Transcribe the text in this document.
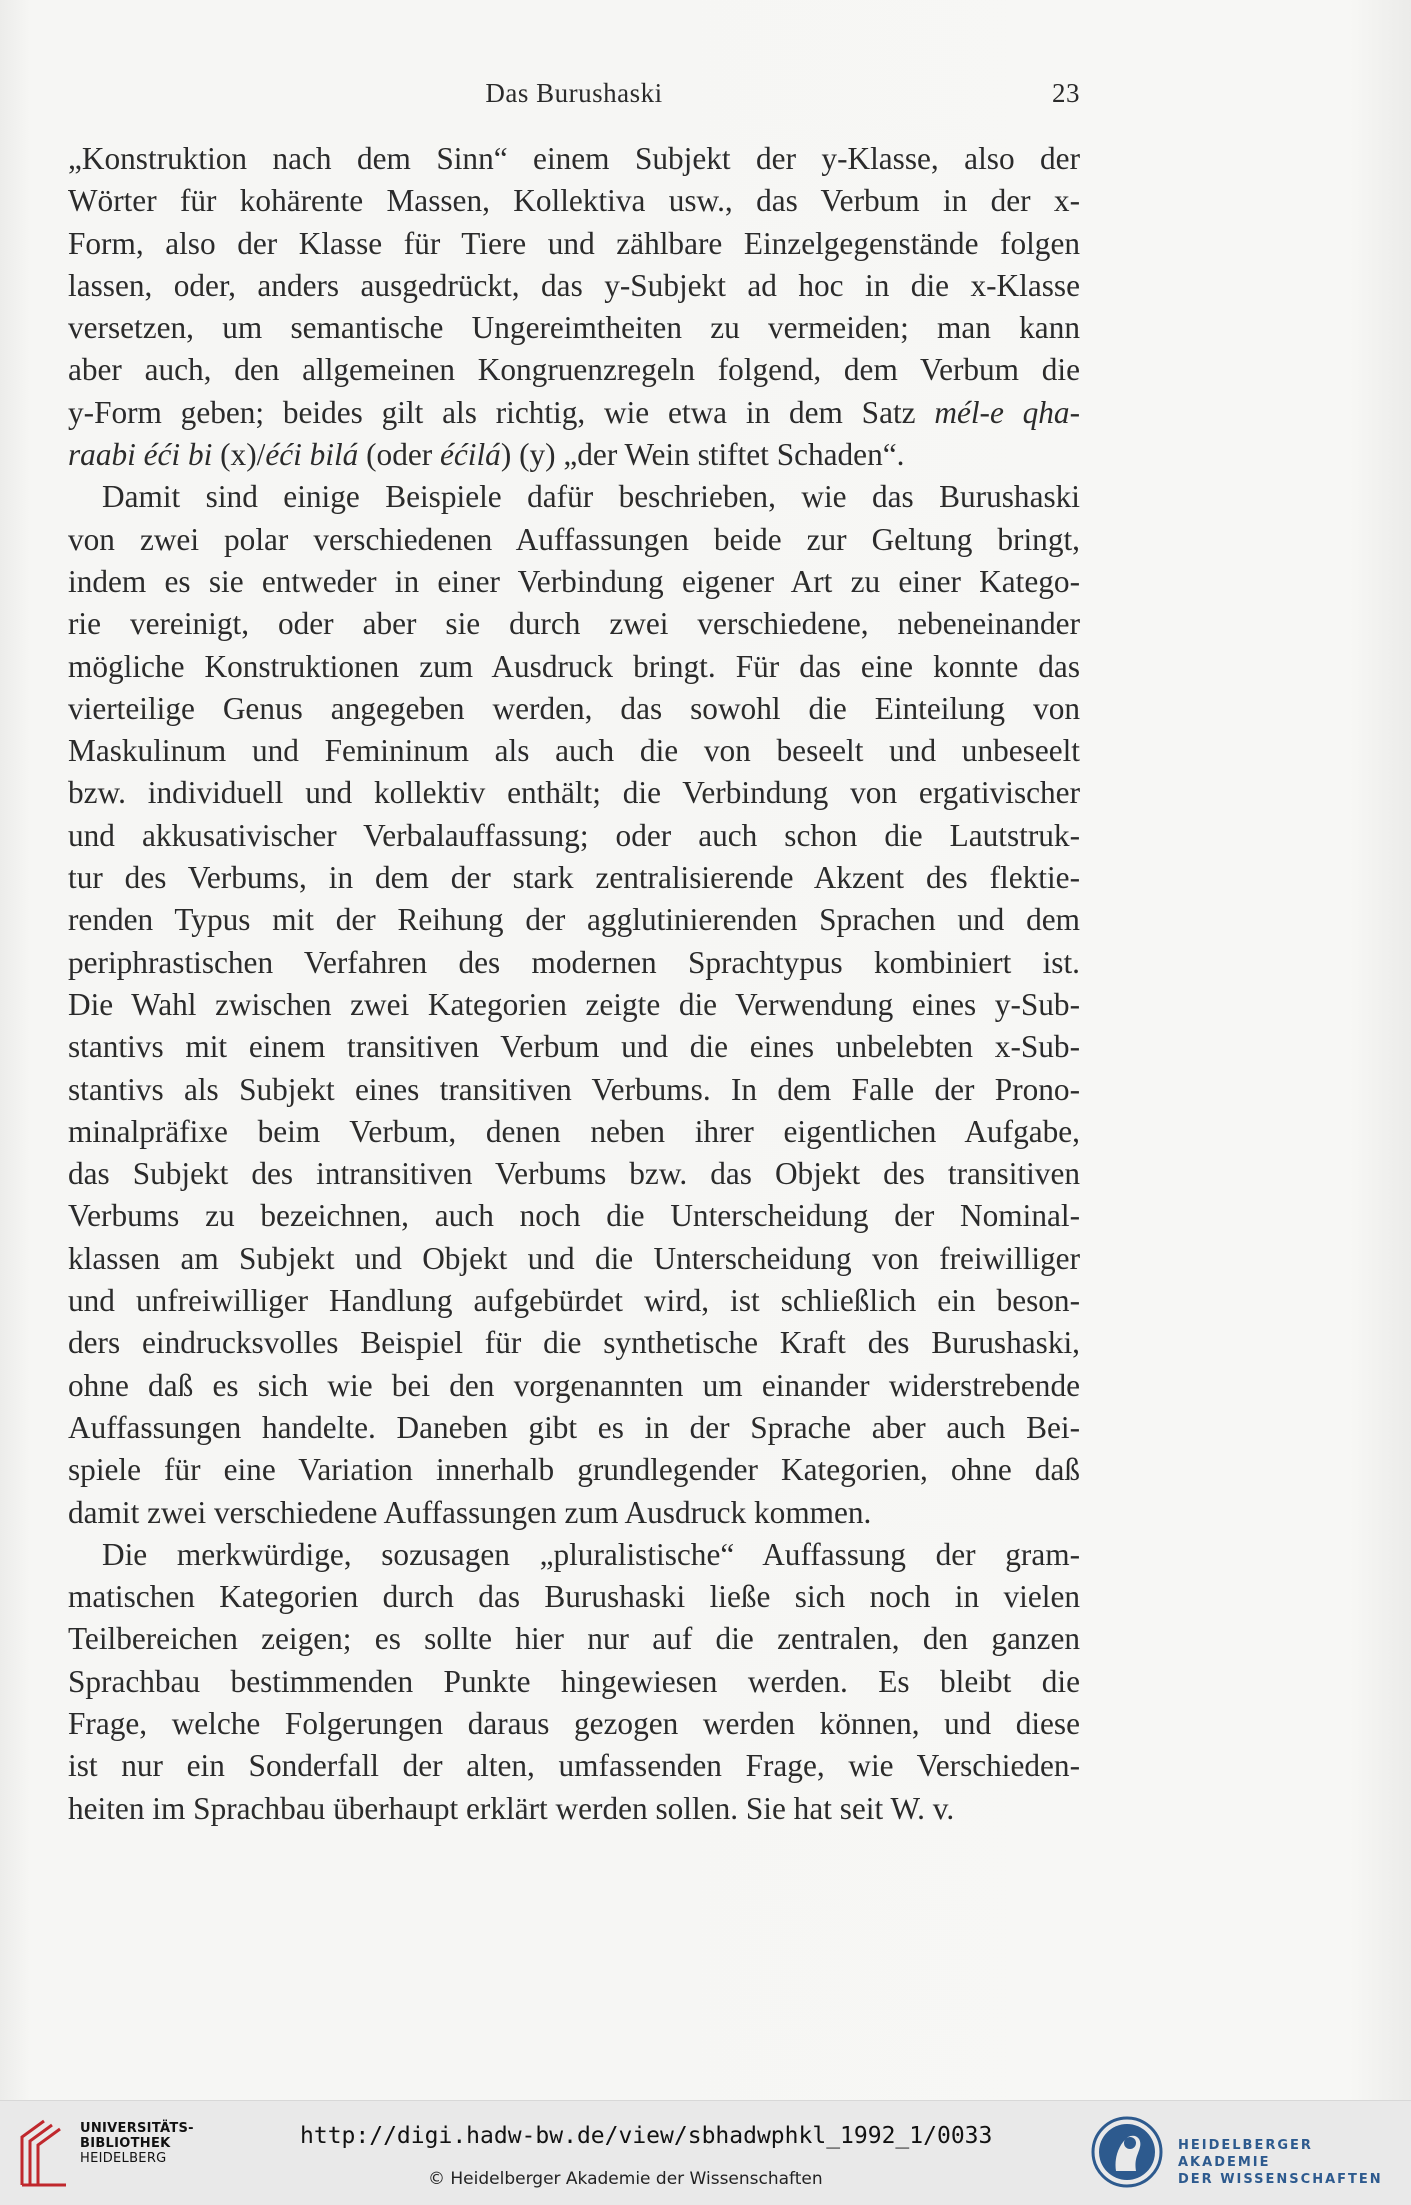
Das Burushaski	23

„Konstruktion nach dem Sinn“ einem Subjekt der y-Klasse, also der
Wörter für kohärente Massen, Kollektiva usw., das Verbum in der x-
Form, also der Klasse für Tiere und zählbare Einzelgegenstände folgen
lassen, oder, anders ausgedrückt, das y-Subjekt ad hoc in die x-Klasse
versetzen, um semantische Ungereimtheiten zu vermeiden; man kann
aber auch, den allgemeinen Kongruenzregeln folgend, dem Verbum die
y-Form geben; beides gilt als richtig, wie etwa in dem Satz mél-e qha-
raabi éći bi (x)/éći bilá (oder éćilá) (y) „der Wein stiftet Schaden“.

Damit sind einige Beispiele dafür beschrieben, wie das Burushaski
von zwei polar verschiedenen Auffassungen beide zur Geltung bringt,
indem es sie entweder in einer Verbindung eigener Art zu einer Katego-
rie vereinigt, oder aber sie durch zwei verschiedene, nebeneinander
mögliche Konstruktionen zum Ausdruck bringt. Für das eine konnte das
vierteilige Genus angegeben werden, das sowohl die Einteilung von
Maskulinum und Femininum als auch die von beseelt und unbeseelt
bzw. individuell und kollektiv enthält; die Verbindung von ergativischer
und akkusativischer Verbalauffassung; oder auch schon die Lautstruk-
tur des Verbums, in dem der stark zentralisierende Akzent des flektie-
renden Typus mit der Reihung der agglutinierenden Sprachen und dem
periphrastischen Verfahren des modernen Sprachtypus kombiniert ist.
Die Wahl zwischen zwei Kategorien zeigte die Verwendung eines y-Sub-
stantivs mit einem transitiven Verbum und die eines unbelebten x-Sub-
stantivs als Subjekt eines transitiven Verbums. In dem Falle der Prono-
minalpräfixe beim Verbum, denen neben ihrer eigentlichen Aufgabe,
das Subjekt des intransitiven Verbums bzw. das Objekt des transitiven
Verbums zu bezeichnen, auch noch die Unterscheidung der Nominal-
klassen am Subjekt und Objekt und die Unterscheidung von freiwilliger
und unfreiwilliger Handlung aufgebürdet wird, ist schließlich ein beson-
ders eindrucksvolles Beispiel für die synthetische Kraft des Burushaski,
ohne daß es sich wie bei den vorgenannten um einander widerstrebende
Auffassungen handelte. Daneben gibt es in der Sprache aber auch Bei-
spiele für eine Variation innerhalb grundlegender Kategorien, ohne daß
damit zwei verschiedene Auffassungen zum Ausdruck kommen.

Die merkwürdige, sozusagen „pluralistische“ Auffassung der gram-
matischen Kategorien durch das Burushaski ließe sich noch in vielen
Teilbereichen zeigen; es sollte hier nur auf die zentralen, den ganzen
Sprachbau bestimmenden Punkte hingewiesen werden. Es bleibt die
Frage, welche Folgerungen daraus gezogen werden können, und diese
ist nur ein Sonderfall der alten, umfassenden Frage, wie Verschieden-
heiten im Sprachbau überhaupt erklärt werden sollen. Sie hat seit W. v.

UNIVERSITÄTS-
BIBLIOTHEK
HEIDELBERG
http://digi.hadw-bw.de/view/sbhadwphkl_1992_1/0033
© Heidelberger Akademie der Wissenschaften
HEIDELBERGER AKADEMIE
DER WISSENSCHAFTEN
